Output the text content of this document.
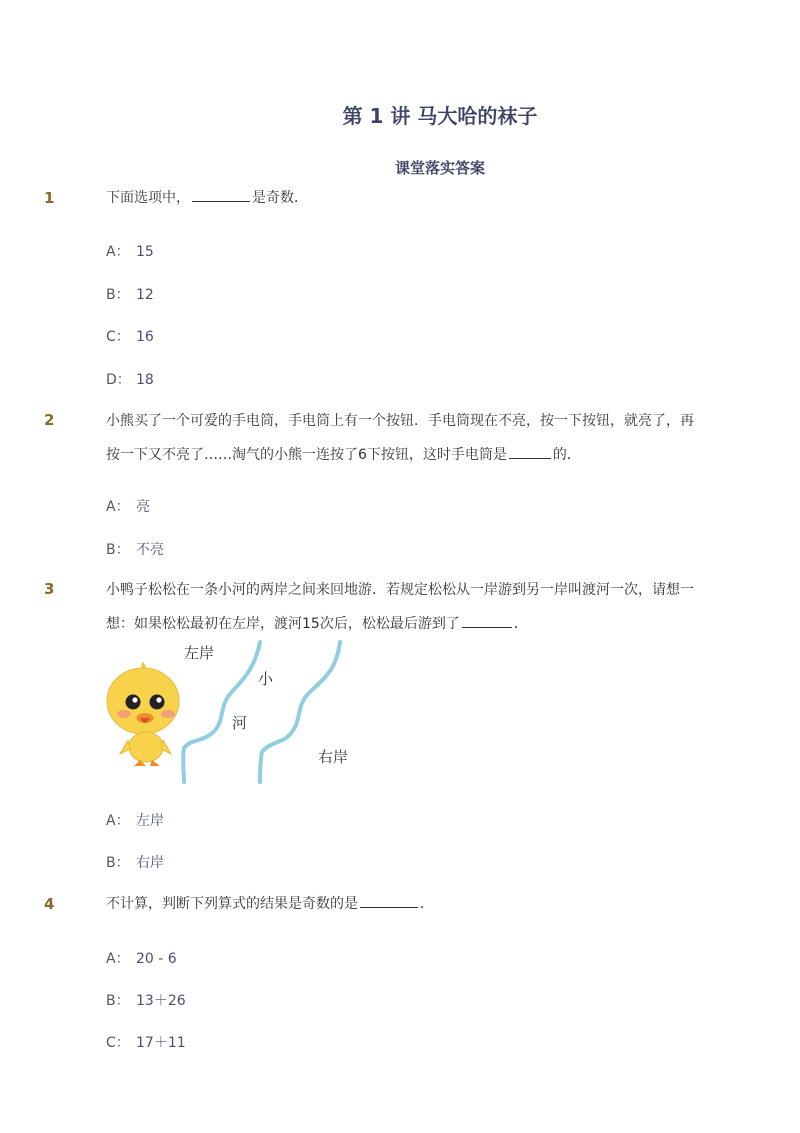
第 1 讲 马大哈的袜子
课堂落实答案
1	下面选项中，	是奇数．
A： 15
B： 12
C： 16
D： 18
2	小熊买了一个可爱的手电筒，手电筒上有一个按钮．手电筒现在不亮，按一下按钮，就亮了，再
按一下又不亮了……淘气的小熊一连按了6下按钮，这时手电筒是	的．
A： 亮
B： 不亮
3	小鸭子松松在一条小河的两岸之间来回地游．若规定松松从一岸游到另一岸叫渡河一次，请想一
想：如果松松最初在左岸，渡河15次后，松松最后游到了	．
左岸
小
河
右岸
A： 左岸
B： 右岸
4	不计算，判断下列算式的结果是奇数的是	．
A： 20 - 6
B： 13＋26
C： 17＋11
